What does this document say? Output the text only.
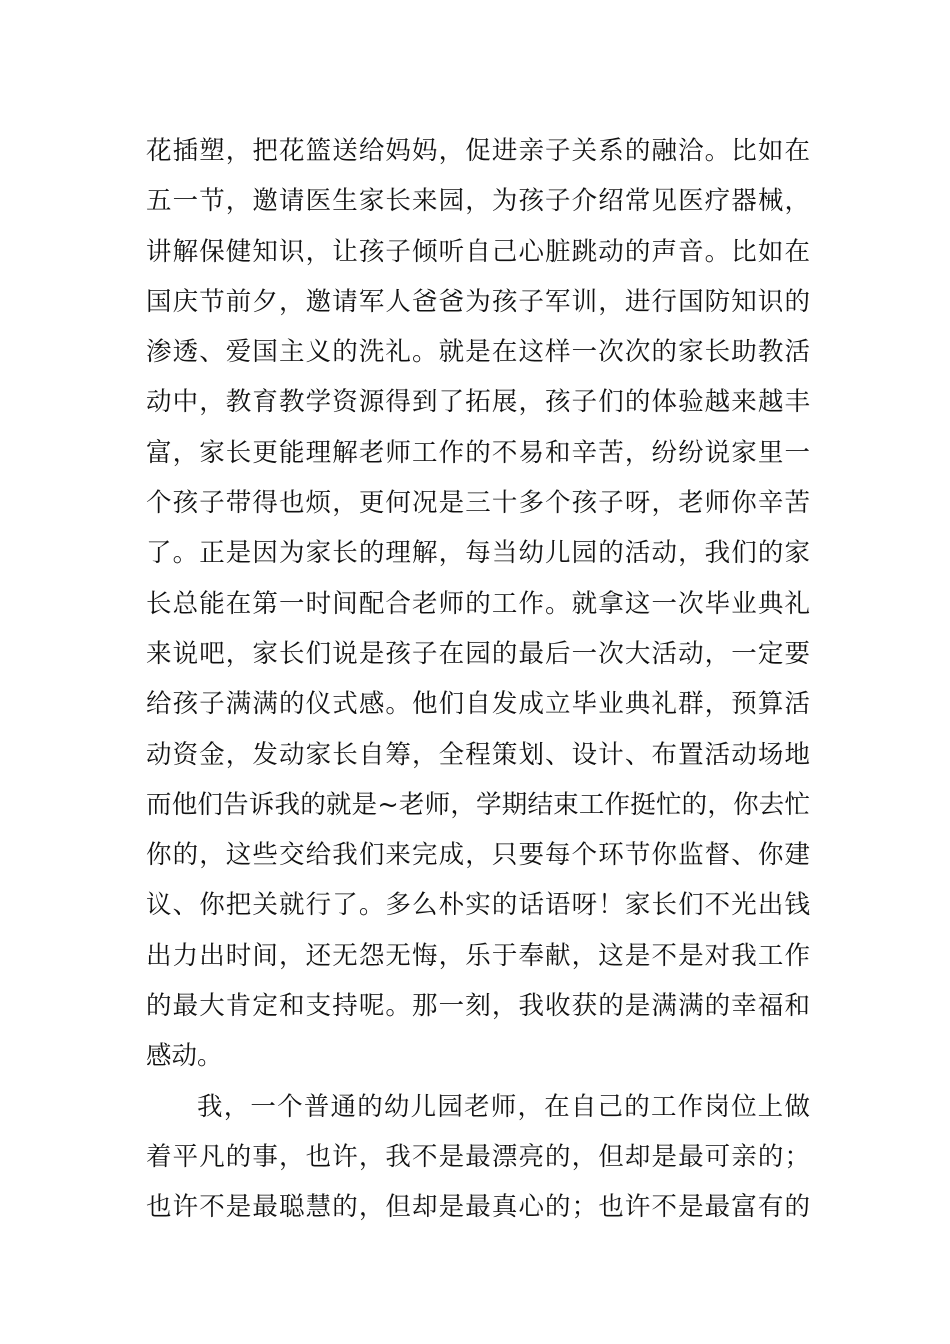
花插塑，把花篮送给妈妈，促进亲子关系的融洽。比如在
五一节，邀请医生家长来园，为孩子介绍常见医疗器械，
讲解保健知识，让孩子倾听自己心脏跳动的声音。比如在
国庆节前夕，邀请军人爸爸为孩子军训，进行国防知识的
渗透、爱国主义的洗礼。就是在这样一次次的家长助教活
动中，教育教学资源得到了拓展，孩子们的体验越来越丰
富，家长更能理解老师工作的不易和辛苦，纷纷说家里一
个孩子带得也烦，更何况是三十多个孩子呀，老师你辛苦
了。正是因为家长的理解，每当幼儿园的活动，我们的家
长总能在第一时间配合老师的工作。就拿这一次毕业典礼
来说吧，家长们说是孩子在园的最后一次大活动，一定要
给孩子满满的仪式感。他们自发成立毕业典礼群，预算活
动资金，发动家长自筹，全程策划、设计、布置活动场地
而他们告诉我的就是~老师，学期结束工作挺忙的，你去忙
你的，这些交给我们来完成，只要每个环节你监督、你建
议、你把关就行了。多么朴实的话语呀！家长们不光出钱
出力出时间，还无怨无悔，乐于奉献，这是不是对我工作
的最大肯定和支持呢。那一刻，我收获的是满满的幸福和
感动。
我，一个普通的幼儿园老师，在自己的工作岗位上做
着平凡的事，也许，我不是最漂亮的，但却是最可亲的；
也许不是最聪慧的，但却是最真心的；也许不是最富有的
